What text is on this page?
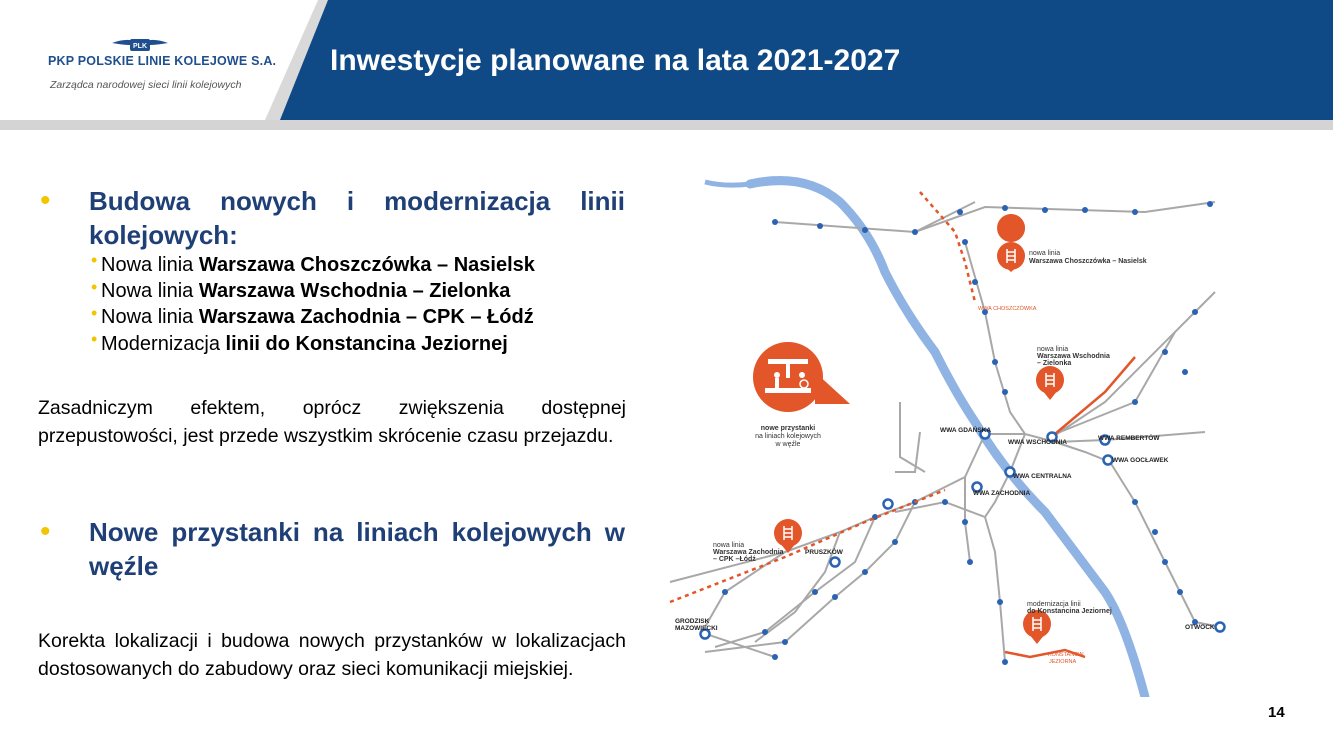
PLK
PKP POLSKIE LINIE KOLEJOWE S.A.
Zarządca narodowej sieci linii kolejowych
Inwestycje planowane na lata 2021-2027
• Budowa nowych i modernizacja linii kolejowych:
• Nowa linia Warszawa Choszczówka – Nasielsk
• Nowa linia Warszawa Wschodnia – Zielonka
• Nowa linia Warszawa Zachodnia – CPK – Łódź
• Modernizacja linii do Konstancina Jeziornej
Zasadniczym efektem, oprócz zwiększenia dostępnej przepustowości, jest przede wszystkim skrócenie czasu przejazdu.
• Nowe przystanki na liniach kolejowych w węźle
Korekta lokalizacji i budowa nowych przystanków w lokalizacjach dostosowanych do zabudowy oraz sieci komunikacji miejskiej.
WWA GDAŃSKA
WWA WSCHODNIA
WWA REMBERTÓW
WWA GOCŁAWEK
WWA CENTRALNA
WWA ZACHODNIA
PRUSZKÓW
GRODZISK
MAZOWIECKI	OTWOCK
WWA CHOSZCZÓWKA
KONSTANCIN
JEZIORNA
nowe przystanki
na liniach kolejowych
w węźle
nowa linia
Warszawa Choszczówka – Nasielsk
nowa linia
Warszawa Wschodnia
– Zielonka
nowa linia
Warszawa Zachodnia
– CPK –Łódź
modernizacja linii
do Konstancina Jeziornej
14
